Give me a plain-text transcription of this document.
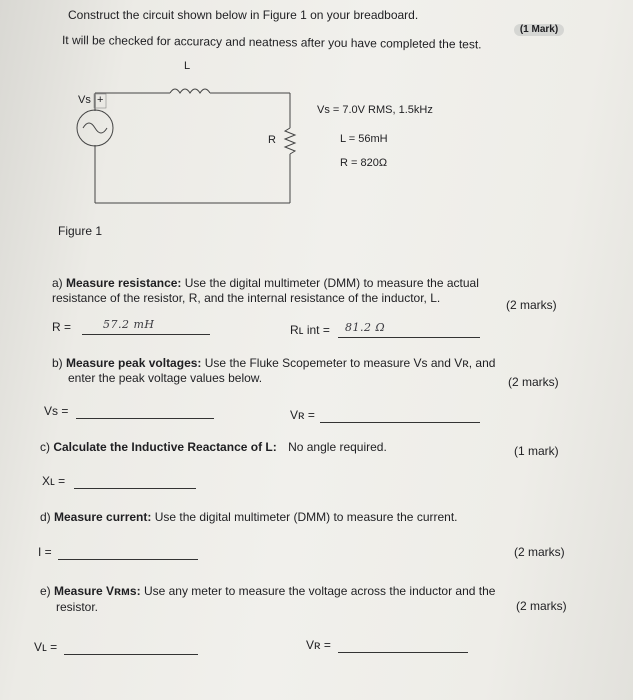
Construct the circuit shown below in Figure 1 on your breadboard.
(1 Mark)
It will be checked for accuracy and neatness after you have completed the test.
Vs +
L
R
Figure 1
Vs = 7.0V RMS, 1.5kHz
L = 56mH
R = 820Ω
a) Measure resistance: Use the digital multimeter (DMM) to measure the actual
resistance of the resistor, R, and the internal resistance of the inductor, L.	(2 marks)
R =	57.2 mH	Rʟ int = 81.2 Ω
b) Measure peak voltages: Use the Fluke Scopemeter to measure Vs and Vʀ, and
enter the peak voltage values below.	(2 marks)
Vs =	Vʀ =
c) Calculate the Inductive Reactance of L: No angle required.	(1 mark)
Xʟ =
d) Measure current: Use the digital multimeter (DMM) to measure the current.
I =	(2 marks)
e) Measure Vʀᴍѕ: Use any meter to measure the voltage across the inductor and the
resistor.	(2 marks)
Vʟ =	Vʀ =
